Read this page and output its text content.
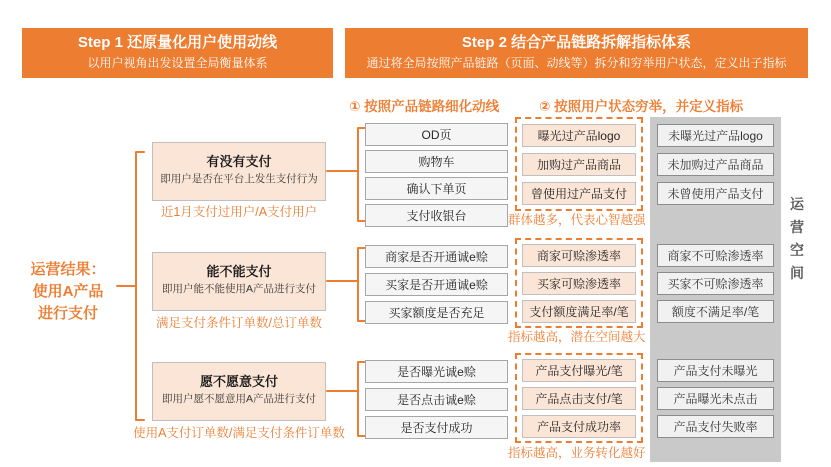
Step 1 还原量化用户使用动线
以用户视角出发设置全局衡量体系
Step 2 结合产品链路拆解指标体系
通过将全局按照产品链路（页面、动线等）拆分和穷举用户状态，定义出子指标
① 按照产品链路细化动线	② 按照用户状态穷举，并定义指标
运营结果：
使用A产品
进行支付
有没有支付
即用户是否在平台上发生支付行为
近1月支付过用户/A支付用户
能不能支付
即用户能不能使用A产品进行支付
满足支付条件订单数/总订单数
愿不愿意支付
即用户愿不愿意用A产品进行支付
使用A支付订单数/满足支付条件订单数
OD页
购物车
确认下单页
支付收银台
商家是否开通诚e赊
买家是否开通诚e赊
买家额度是否充足
是否曝光诚e赊
是否点击诚e赊
是否支付成功
曝光过产品logo
加购过产品商品
曾使用过产品支付
群体越多，代表心智越强
商家可赊渗透率
买家可赊渗透率
支付额度满足率/笔
指标越高，潜在空间越大
产品支付曝光/笔
产品点击支付/笔
产品支付成功率
指标越高，业务转化越好
未曝光过产品logo
未加购过产品商品
未曾使用产品支付
商家不可赊渗透率
买家不可赊渗透率
额度不满足率/笔
产品支付未曝光
产品曝光未点击
产品支付失败率
运
营
空
间
